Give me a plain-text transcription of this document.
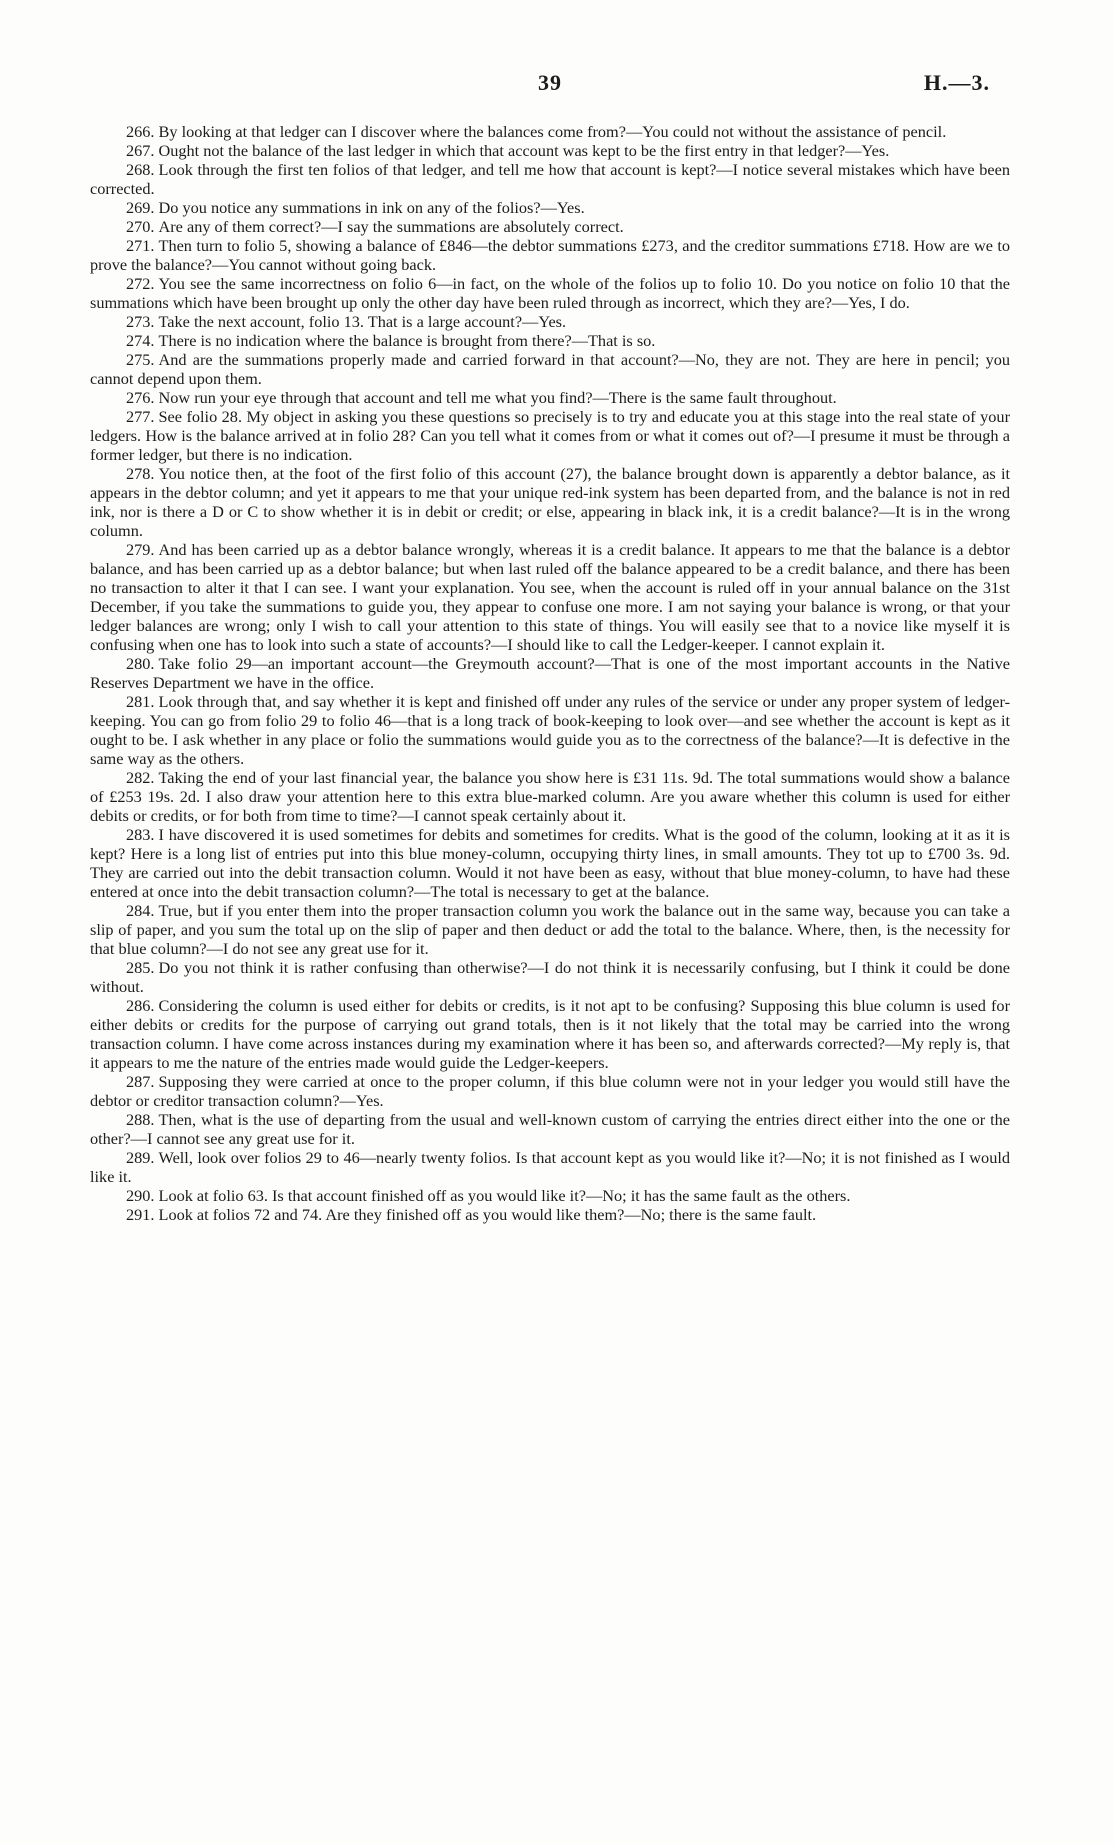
39	H.—3.

266. By looking at that ledger can I discover where the balances come from?—You could not without the assistance of pencil.

267. Ought not the balance of the last ledger in which that account was kept to be the first entry in that ledger?—Yes.

268. Look through the first ten folios of that ledger, and tell me how that account is kept?—I notice several mistakes which have been corrected.

269. Do you notice any summations in ink on any of the folios?—Yes.

270. Are any of them correct?—I say the summations are absolutely correct.

271. Then turn to folio 5, showing a balance of £846—the debtor summations £273, and the creditor summations £718. How are we to prove the balance?—You cannot without going back.

272. You see the same incorrectness on folio 6—in fact, on the whole of the folios up to folio 10. Do you notice on folio 10 that the summations which have been brought up only the other day have been ruled through as incorrect, which they are?—Yes, I do.

273. Take the next account, folio 13. That is a large account?—Yes.

274. There is no indication where the balance is brought from there?—That is so.

275. And are the summations properly made and carried forward in that account?—No, they are not. They are here in pencil; you cannot depend upon them.

276. Now run your eye through that account and tell me what you find?—There is the same fault throughout.

277. See folio 28. My object in asking you these questions so precisely is to try and educate you at this stage into the real state of your ledgers. How is the balance arrived at in folio 28? Can you tell what it comes from or what it comes out of?—I presume it must be through a former ledger, but there is no indication.

278. You notice then, at the foot of the first folio of this account (27), the balance brought down is apparently a debtor balance, as it appears in the debtor column; and yet it appears to me that your unique red-ink system has been departed from, and the balance is not in red ink, nor is there a D or C to show whether it is in debit or credit; or else, appearing in black ink, it is a credit balance?—It is in the wrong column.

279. And has been carried up as a debtor balance wrongly, whereas it is a credit balance. It appears to me that the balance is a debtor balance, and has been carried up as a debtor balance; but when last ruled off the balance appeared to be a credit balance, and there has been no transaction to alter it that I can see. I want your explanation. You see, when the account is ruled off in your annual balance on the 31st December, if you take the summations to guide you, they appear to confuse one more. I am not saying your balance is wrong, or that your ledger balances are wrong; only I wish to call your attention to this state of things. You will easily see that to a novice like myself it is confusing when one has to look into such a state of accounts?—I should like to call the Ledger-keeper. I cannot explain it.

280. Take folio 29—an important account—the Greymouth account?—That is one of the most important accounts in the Native Reserves Department we have in the office.

281. Look through that, and say whether it is kept and finished off under any rules of the service or under any proper system of ledger-keeping. You can go from folio 29 to folio 46—that is a long track of book-keeping to look over—and see whether the account is kept as it ought to be. I ask whether in any place or folio the summations would guide you as to the correctness of the balance?—It is defective in the same way as the others.

282. Taking the end of your last financial year, the balance you show here is £31 11s. 9d. The total summations would show a balance of £253 19s. 2d. I also draw your attention here to this extra blue-marked column. Are you aware whether this column is used for either debits or credits, or for both from time to time?—I cannot speak certainly about it.

283. I have discovered it is used sometimes for debits and sometimes for credits. What is the good of the column, looking at it as it is kept? Here is a long list of entries put into this blue money-column, occupying thirty lines, in small amounts. They tot up to £700 3s. 9d. They are carried out into the debit transaction column. Would it not have been as easy, without that blue money-column, to have had these entered at once into the debit transaction column?—The total is necessary to get at the balance.

284. True, but if you enter them into the proper transaction column you work the balance out in the same way, because you can take a slip of paper, and you sum the total up on the slip of paper and then deduct or add the total to the balance. Where, then, is the necessity for that blue column?—I do not see any great use for it.

285. Do you not think it is rather confusing than otherwise?—I do not think it is necessarily confusing, but I think it could be done without.

286. Considering the column is used either for debits or credits, is it not apt to be confusing? Supposing this blue column is used for either debits or credits for the purpose of carrying out grand totals, then is it not likely that the total may be carried into the wrong transaction column. I have come across instances during my examination where it has been so, and afterwards corrected?—My reply is, that it appears to me the nature of the entries made would guide the Ledger-keepers.

287. Supposing they were carried at once to the proper column, if this blue column were not in your ledger you would still have the debtor or creditor transaction column?—Yes.

288. Then, what is the use of departing from the usual and well-known custom of carrying the entries direct either into the one or the other?—I cannot see any great use for it.

289. Well, look over folios 29 to 46—nearly twenty folios. Is that account kept as you would like it?—No; it is not finished as I would like it.

290. Look at folio 63. Is that account finished off as you would like it?—No; it has the same fault as the others.

291. Look at folios 72 and 74. Are they finished off as you would like them?—No; there is the same fault.
